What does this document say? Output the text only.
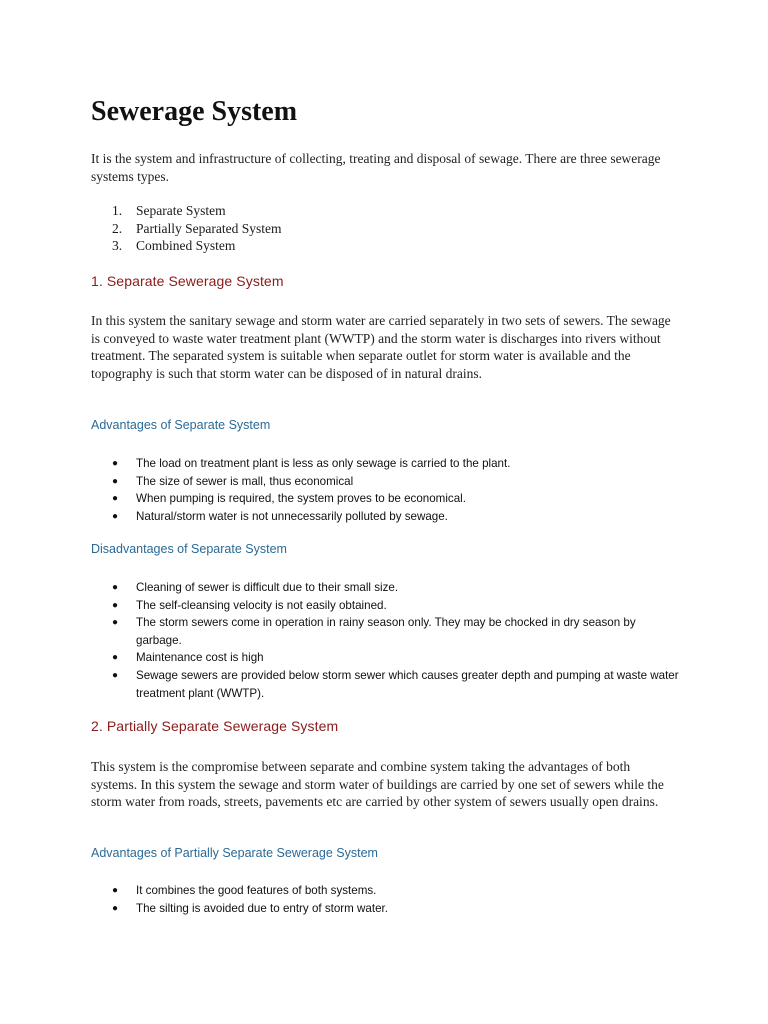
Sewerage System

It is the system and infrastructure of collecting, treating and disposal of sewage. There are three sewerage systems types.

1.	Separate System
2.	Partially Separated System
3.	Combined System
1. Separate Sewerage System

In this system the sanitary sewage and storm water are carried separately in two sets of sewers. The sewage is conveyed to waste water treatment plant (WWTP) and the storm water is discharges into rivers without treatment. The separated system is suitable when separate outlet for storm water is available and the topography is such that storm water can be disposed of in natural drains.

Advantages of Separate System
●	The load on treatment plant is less as only sewage is carried to the plant.
●	The size of sewer is mall, thus economical
●	When pumping is required, the system proves to be economical.
●	Natural/storm water is not unnecessarily polluted by sewage.
Disadvantages of Separate System
●	Cleaning of sewer is difficult due to their small size.
●	The self-cleansing velocity is not easily obtained.
●	The storm sewers come in operation in rainy season only. They may be chocked in dry season by garbage.
●	Maintenance cost is high
●	Sewage sewers are provided below storm sewer which causes greater depth and pumping at waste water treatment plant (WWTP).
2. Partially Separate Sewerage System

This system is the compromise between separate and combine system taking the advantages of both systems. In this system the sewage and storm water of buildings are carried by one set of sewers while the storm water from roads, streets, pavements etc are carried by other system of sewers usually open drains.

Advantages of Partially Separate Sewerage System
●	It combines the good features of both systems.
●	The silting is avoided due to entry of storm water.
